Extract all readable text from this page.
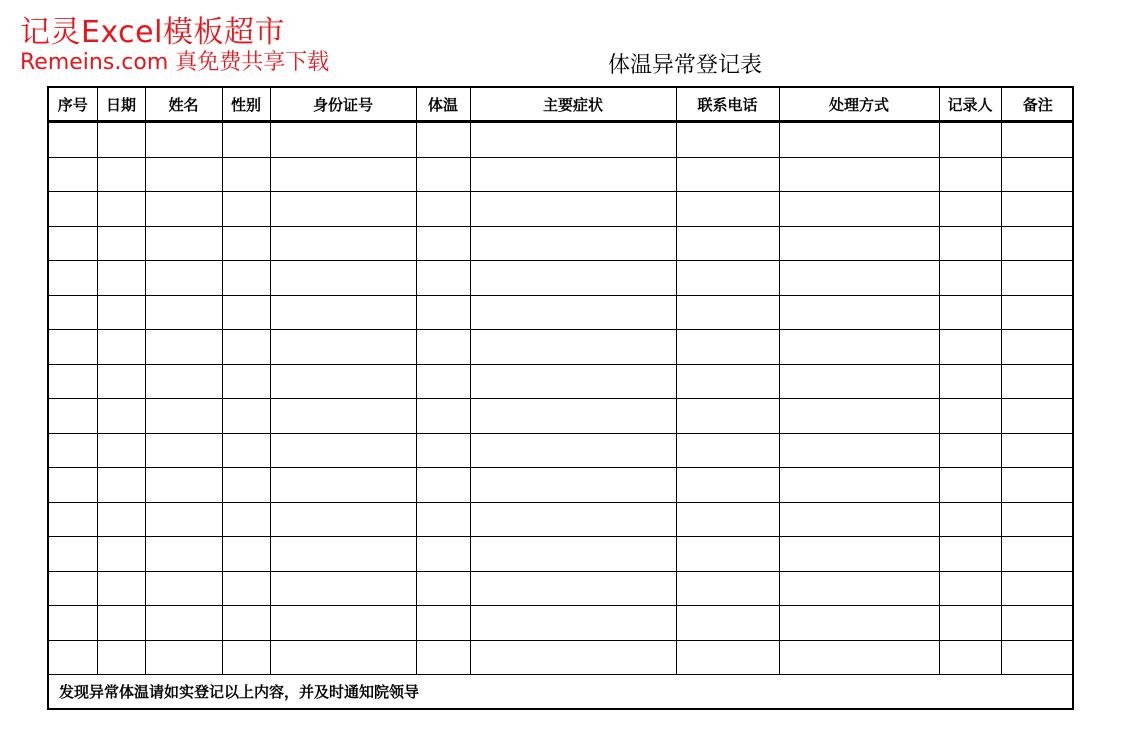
记灵Excel模板超市
Remeins.com 真免费共享下载	体温异常登记表
序号	日期	姓名	性别	身份证号	体温	主要症状	联系电话	处理方式	记录人	备注

发现异常体温请如实登记以上内容，并及时通知院领导										
